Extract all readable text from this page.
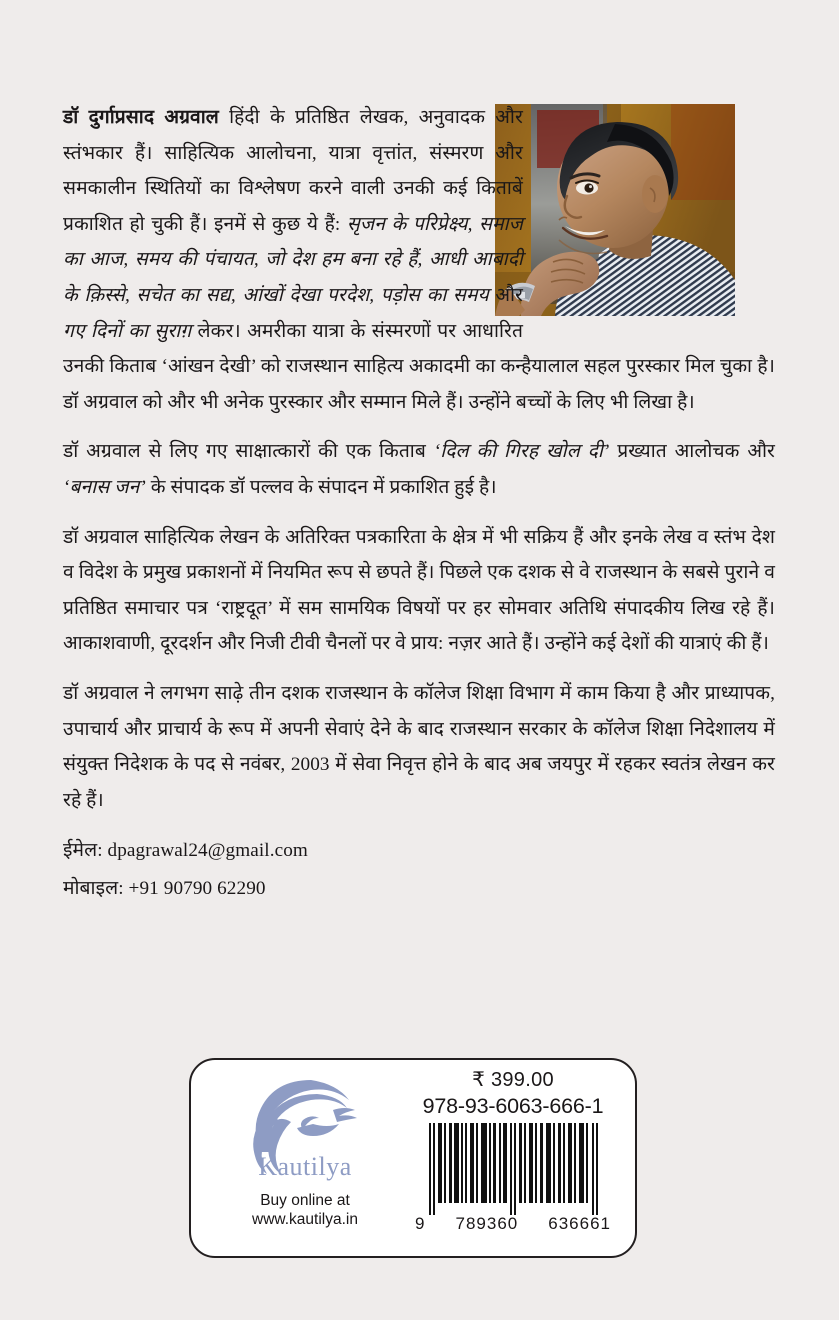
डॉ दुर्गाप्रसाद अग्रवाल हिंदी के प्रतिष्ठित लेखक, अनुवादक और स्तंभकार हैं। साहित्यिक आलोचना, यात्रा वृत्तांत, संस्मरण और समकालीन स्थितियों का विश्लेषण करने वाली उनकी कई किताबें प्रकाशित हो चुकी हैं। इनमें से कुछ ये हैं: सृजन के परिप्रेक्ष्य, समाज का आज, समय की पंचायत, जो देश हम बना रहे हैं, आधी आबादी के क़िस्से, सचेत का सद्य, आंखों देखा परदेश, पड़ोस का समय और गए दिनों का सुराग़ लेकर। अमरीका यात्रा के संस्मरणों पर आधारित उनकी किताब ‘आंखन देखी’ को राजस्थान साहित्य अकादमी का कन्हैयालाल सहल पुरस्कार मिल चुका है। डॉ अग्रवाल को और भी अनेक पुरस्कार और सम्मान मिले हैं। उन्होंने बच्चों के लिए भी लिखा है।

डॉ अग्रवाल से लिए गए साक्षात्कारों की एक किताब ‘दिल की गिरह खोल दी’ प्रख्यात आलोचक और ‘बनास जन’ के संपादक डॉ पल्लव के संपादन में प्रकाशित हुई है।

डॉ अग्रवाल साहित्यिक लेखन के अतिरिक्त पत्रकारिता के क्षेत्र में भी सक्रिय हैं और इनके लेख व स्तंभ देश व विदेश के प्रमुख प्रकाशनों में नियमित रूप से छपते हैं। पिछले एक दशक से वे राजस्थान के सबसे पुराने व प्रतिष्ठित समाचार पत्र ‘राष्ट्रदूत’ में सम सामयिक विषयों पर हर सोमवार अतिथि संपादकीय लिख रहे हैं। आकाशवाणी, दूरदर्शन और निजी टीवी चैनलों पर वे प्राय: नज़र आते हैं। उन्होंने कई देशों की यात्राएं की हैं।

डॉ अग्रवाल ने लगभग साढ़े तीन दशक राजस्थान के कॉलेज शिक्षा विभाग में काम किया है और प्राध्यापक, उपाचार्य और प्राचार्य के रूप में अपनी सेवाएं देने के बाद राजस्थान सरकार के कॉलेज शिक्षा निदेशालय में संयुक्त निदेशक के पद से नवंबर, 2003 में सेवा निवृत्त होने के बाद अब जयपुर में रहकर स्वतंत्र लेखन कर रहे हैं।

ईमेल: dpagrawal24@gmail.com

मोबाइल: +91 90790 62290

Kautilya
Buy online at
www.kautilya.in
₹ 399.00
978-93-6063-666-1
9 789360 636661
